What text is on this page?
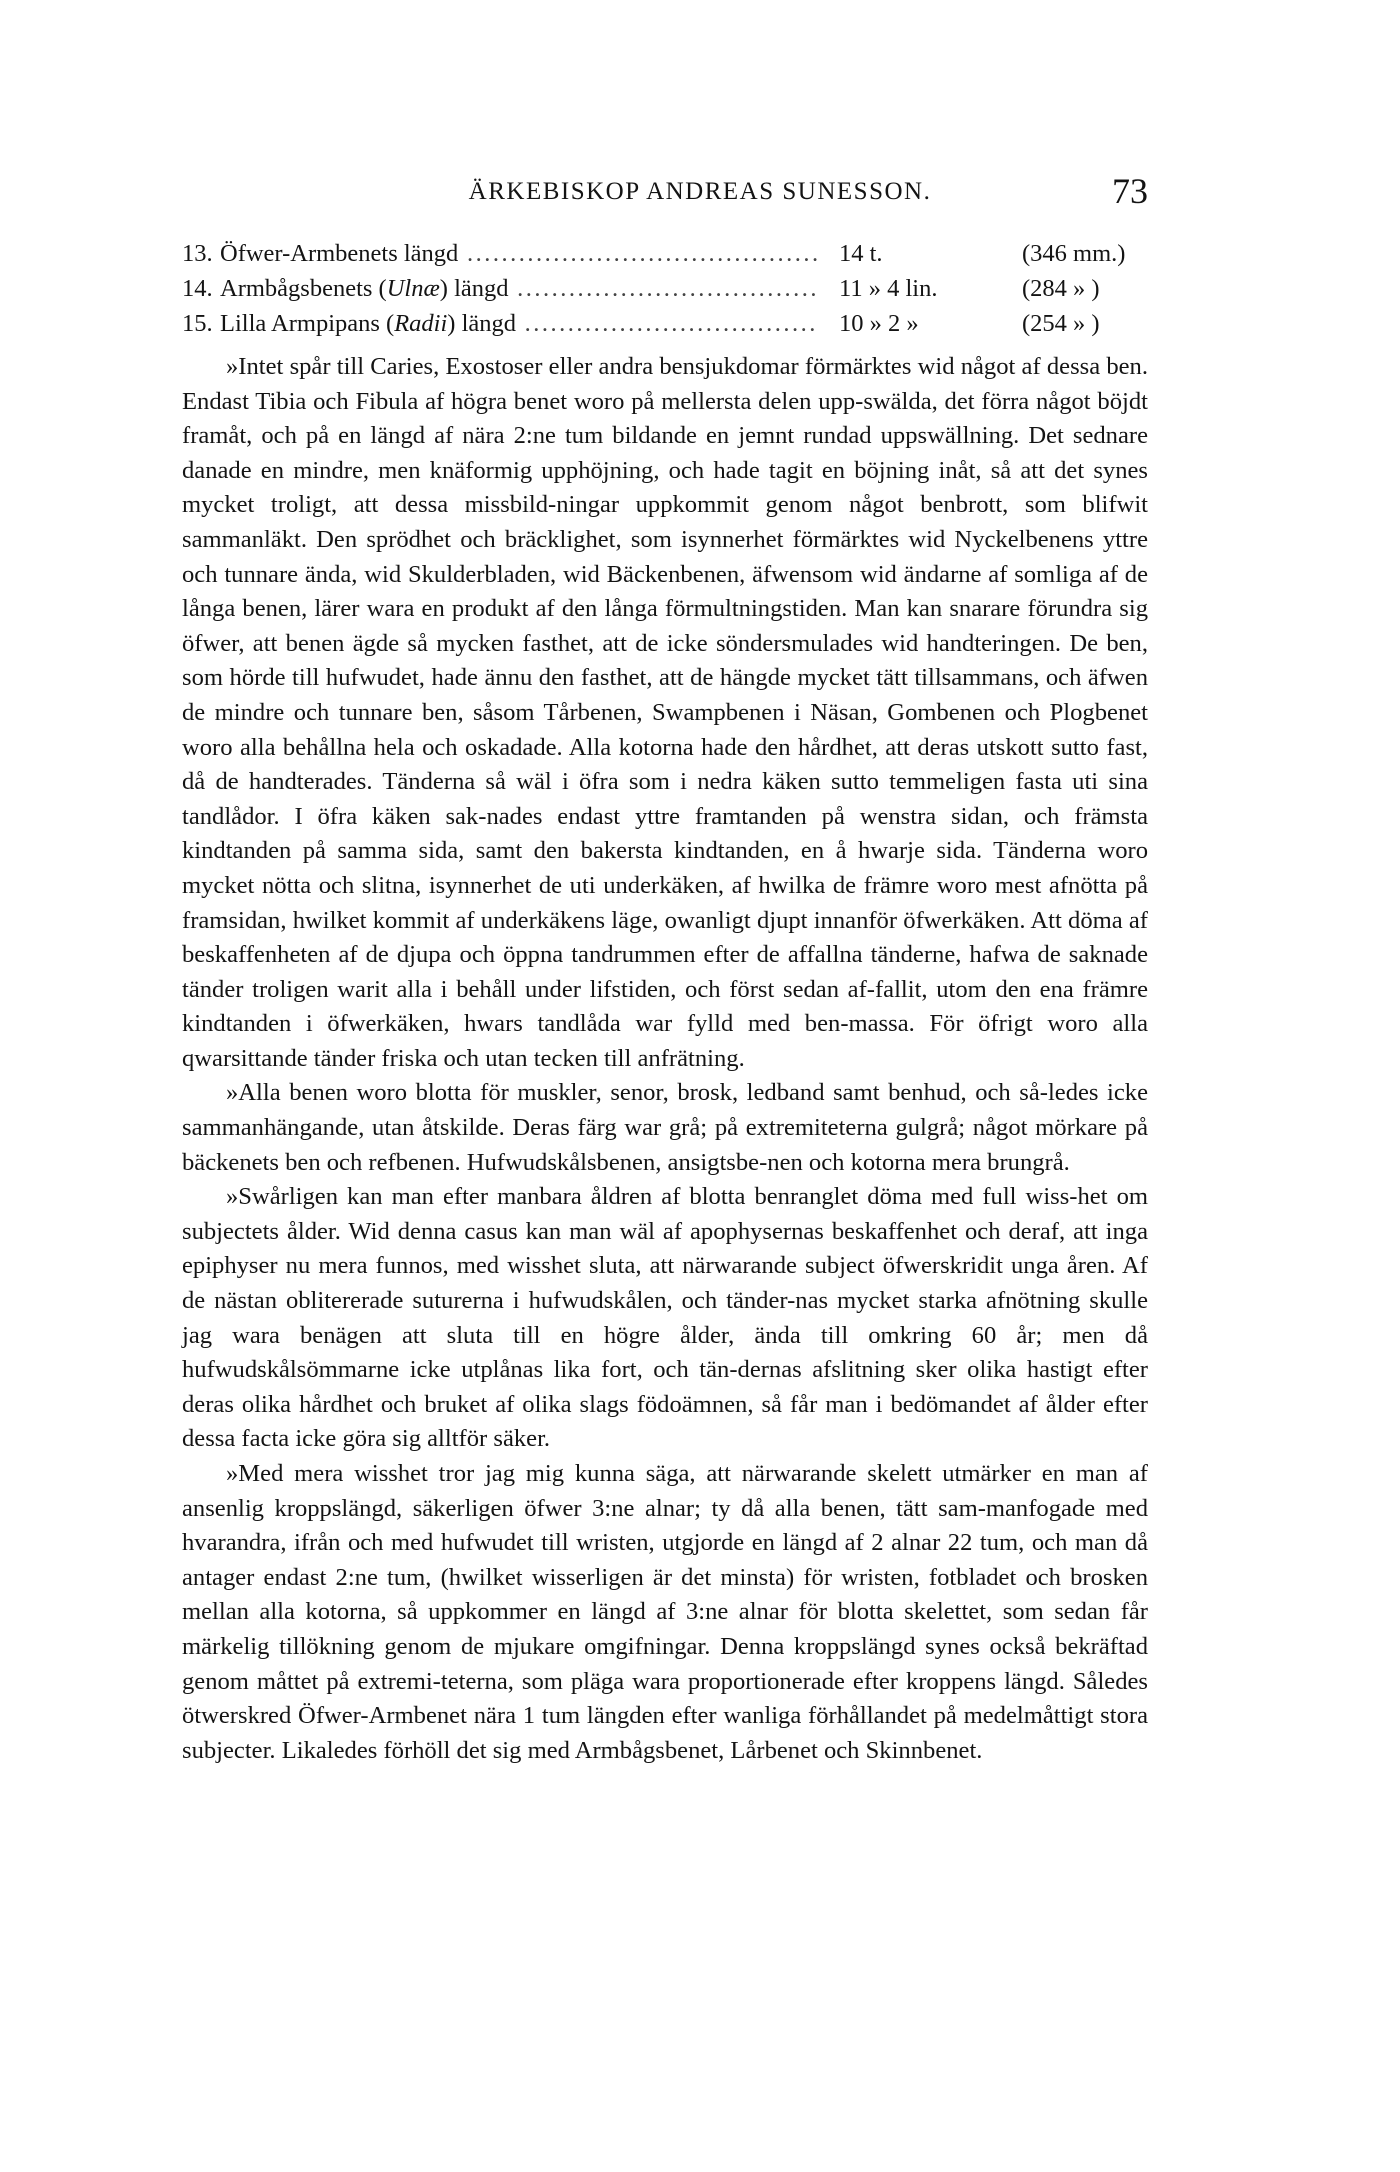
ÄRKEBISKOP ANDREAS SUNESSON.	73
13. Öfwer-Armbenets längd ......................................... 14 t.	(346 mm.)
14. Armbågsbenets (Ulnæ) längd ................................... 11 » 4 lin.	(284 » )
15. Lilla Armpipans (Radii) längd .................................. 10 » 2 »	(254 » )

»Intet spår till Caries, Exostoser eller andra bensjukdomar förmärktes wid något af dessa ben. Endast Tibia och Fibula af högra benet woro på mellersta delen upp-swälda, det förra något böjdt framåt, och på en längd af nära 2:ne tum bildande en jemnt rundad uppswällning. Det sednare danade en mindre, men knäformig upphöjning, och hade tagit en böjning inåt, så att det synes mycket troligt, att dessa missbild-ningar uppkommit genom något benbrott, som blifwit sammanläkt. Den sprödhet och bräcklighet, som isynnerhet förmärktes wid Nyckelbenens yttre och tunnare ända, wid Skulderbladen, wid Bäckenbenen, äfwensom wid ändarne af somliga af de långa benen, lärer wara en produkt af den långa förmultningstiden. Man kan snarare förundra sig öfwer, att benen ägde så mycken fasthet, att de icke söndersmulades wid handteringen. De ben, som hörde till hufwudet, hade ännu den fasthet, att de hängde mycket tätt tillsammans, och äfwen de mindre och tunnare ben, såsom Tårbenen, Swampbenen i Näsan, Gombenen och Plogbenet woro alla behållna hela och oskadade. Alla kotorna hade den hårdhet, att deras utskott sutto fast, då de handterades. Tänderna så wäl i öfra som i nedra käken sutto temmeligen fasta uti sina tandlådor. I öfra käken sak-nades endast yttre framtanden på wenstra sidan, och främsta kindtanden på samma sida, samt den bakersta kindtanden, en å hwarje sida. Tänderna woro mycket nötta och slitna, isynnerhet de uti underkäken, af hwilka de främre woro mest afnötta på framsidan, hwilket kommit af underkäkens läge, owanligt djupt innanför öfwerkäken. Att döma af beskaffenheten af de djupa och öppna tandrummen efter de affallna tänderne, hafwa de saknade tänder troligen warit alla i behåll under lifstiden, och först sedan af-fallit, utom den ena främre kindtanden i öfwerkäken, hwars tandlåda war fylld med ben-massa. För öfrigt woro alla qwarsittande tänder friska och utan tecken till anfrätning.

»Alla benen woro blotta för muskler, senor, brosk, ledband samt benhud, och så-ledes icke sammanhängande, utan åtskilde. Deras färg war grå; på extremiteterna gulgrå; något mörkare på bäckenets ben och refbenen. Hufwudskålsbenen, ansigtsbe-nen och kotorna mera brungrå.

»Swårligen kan man efter manbara åldren af blotta benranglet döma med full wiss-het om subjectets ålder. Wid denna casus kan man wäl af apophysernas beskaffenhet och deraf, att inga epiphyser nu mera funnos, med wisshet sluta, att närwarande subject öfwerskridit unga åren. Af de nästan oblitererade suturerna i hufwudskålen, och tänder-nas mycket starka afnötning skulle jag wara benägen att sluta till en högre ålder, ända till omkring 60 år; men då hufwudskålsömmarne icke utplånas lika fort, och tän-dernas afslitning sker olika hastigt efter deras olika hårdhet och bruket af olika slags födoämnen, så får man i bedömandet af ålder efter dessa facta icke göra sig alltför säker.

»Med mera wisshet tror jag mig kunna säga, att närwarande skelett utmärker en man af ansenlig kroppslängd, säkerligen öfwer 3:ne alnar; ty då alla benen, tätt sam-manfogade med hvarandra, ifrån och med hufwudet till wristen, utgjorde en längd af 2 alnar 22 tum, och man då antager endast 2:ne tum, (hwilket wisserligen är det minsta) för wristen, fotbladet och brosken mellan alla kotorna, så uppkommer en längd af 3:ne alnar för blotta skelettet, som sedan får märkelig tillökning genom de mjukare omgifningar. Denna kroppslängd synes också bekräftad genom måttet på extremi-teterna, som pläga wara proportionerade efter kroppens längd. Således ötwerskred Öfwer-Armbenet nära 1 tum längden efter wanliga förhållandet på medelmåttigt stora subjecter. Likaledes förhöll det sig med Armbågsbenet, Lårbenet och Skinnbenet.
